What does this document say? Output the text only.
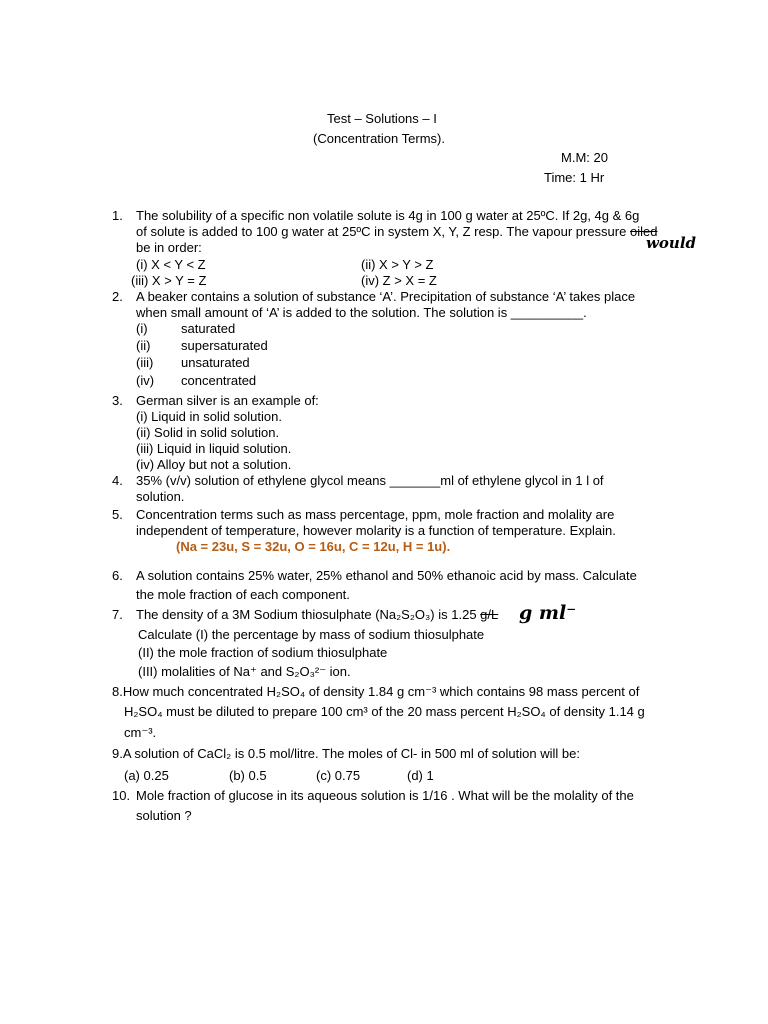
Test – Solutions – I
(Concentration Terms).
M.M: 20
Time: 1 Hr
1. The solubility of a specific non volatile solute is 4g in 100 g water at 25ºC. If 2g, 4g & 6g
of solute is added to 100 g water at 25ºC in system X, Y, Z resp. The vapour pressure oiled
would
be in order:
(i) X < Y < Z	(ii) X > Y > Z
(iii) X > Y = Z	(iv) Z > X = Z
2. A beaker contains a solution of substance ‘A’. Precipitation of substance ‘A’ takes place
when small amount of ‘A’ is added to the solution. The solution is __________.
(i)	saturated
(ii) supersaturated
(iii) unsaturated
(iv) concentrated
3. German silver is an example of:
(i) Liquid in solid solution.
(ii) Solid in solid solution.
(iii) Liquid in liquid solution.
(iv) Alloy but not a solution.
4. 35% (v/v) solution of ethylene glycol means _______ml of ethylene glycol in 1 l of
solution.
5. Concentration terms such as mass percentage, ppm, mole fraction and molality are
independent of temperature, however molarity is a function of temperature. Explain.
(Na = 23u, S = 32u, O = 16u, C = 12u, H = 1u).
6. A solution contains 25% water, 25% ethanol and 50% ethanoic acid by mass. Calculate
the mole fraction of each component.
7. The density of a 3M Sodium thiosulphate (Na₂S₂O₃) is 1.25 g/L g ml⁻
Calculate (I) the percentage by mass of sodium thiosulphate
(II) the mole fraction of sodium thiosulphate
(III) molalities of Na⁺ and S₂O₃²⁻ ion.
8.How much concentrated H₂SO₄ of density 1.84 g cm⁻³ which contains 98 mass percent of
H₂SO₄ must be diluted to prepare 100 cm³ of the 20 mass percent H₂SO₄ of density 1.14 g
cm⁻³.
9.A solution of CaCl₂ is 0.5 mol/litre. The moles of Cl- in 500 ml of solution will be:
(a) 0.25	(b) 0.5	(c) 0.75	(d) 1
10. Mole fraction of glucose in its aqueous solution is 1/16 . What will be the molality of the
solution ?
